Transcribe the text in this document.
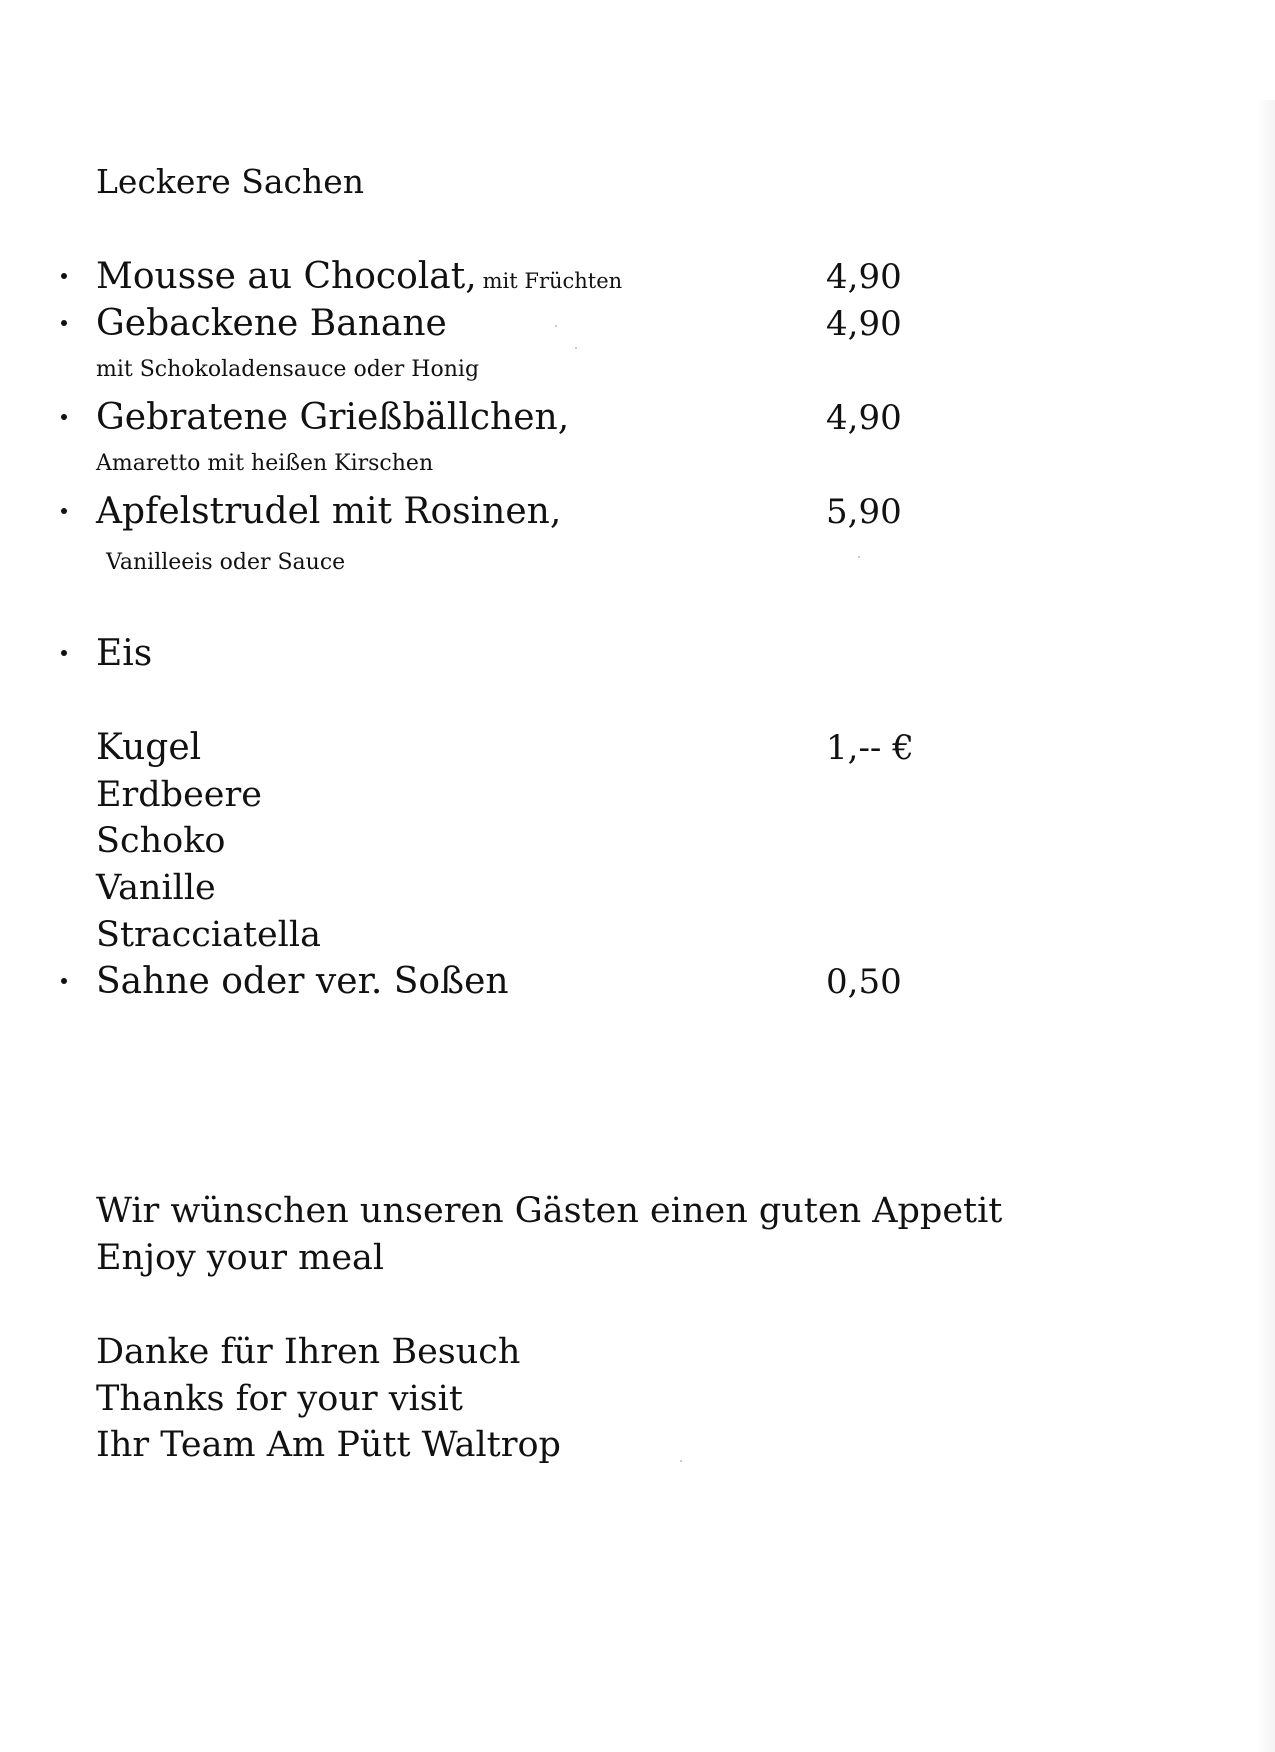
Leckere Sachen
Mousse au Chocolat, mit Früchten	4,90
Gebackene Banane	4,90
mit Schokoladensauce oder Honig
Gebratene Grießbällchen,	4,90
Amaretto mit heißen Kirschen
Apfelstrudel mit Rosinen,	5,90
Vanilleeis oder Sauce
Eis
Kugel	1,-- €
Erdbeere
Schoko
Vanille
Stracciatella
Sahne oder ver. Soßen	0,50
Wir wünschen unseren Gästen einen guten Appetit
Enjoy your meal
Danke für Ihren Besuch
Thanks for your visit
Ihr Team Am Pütt Waltrop
